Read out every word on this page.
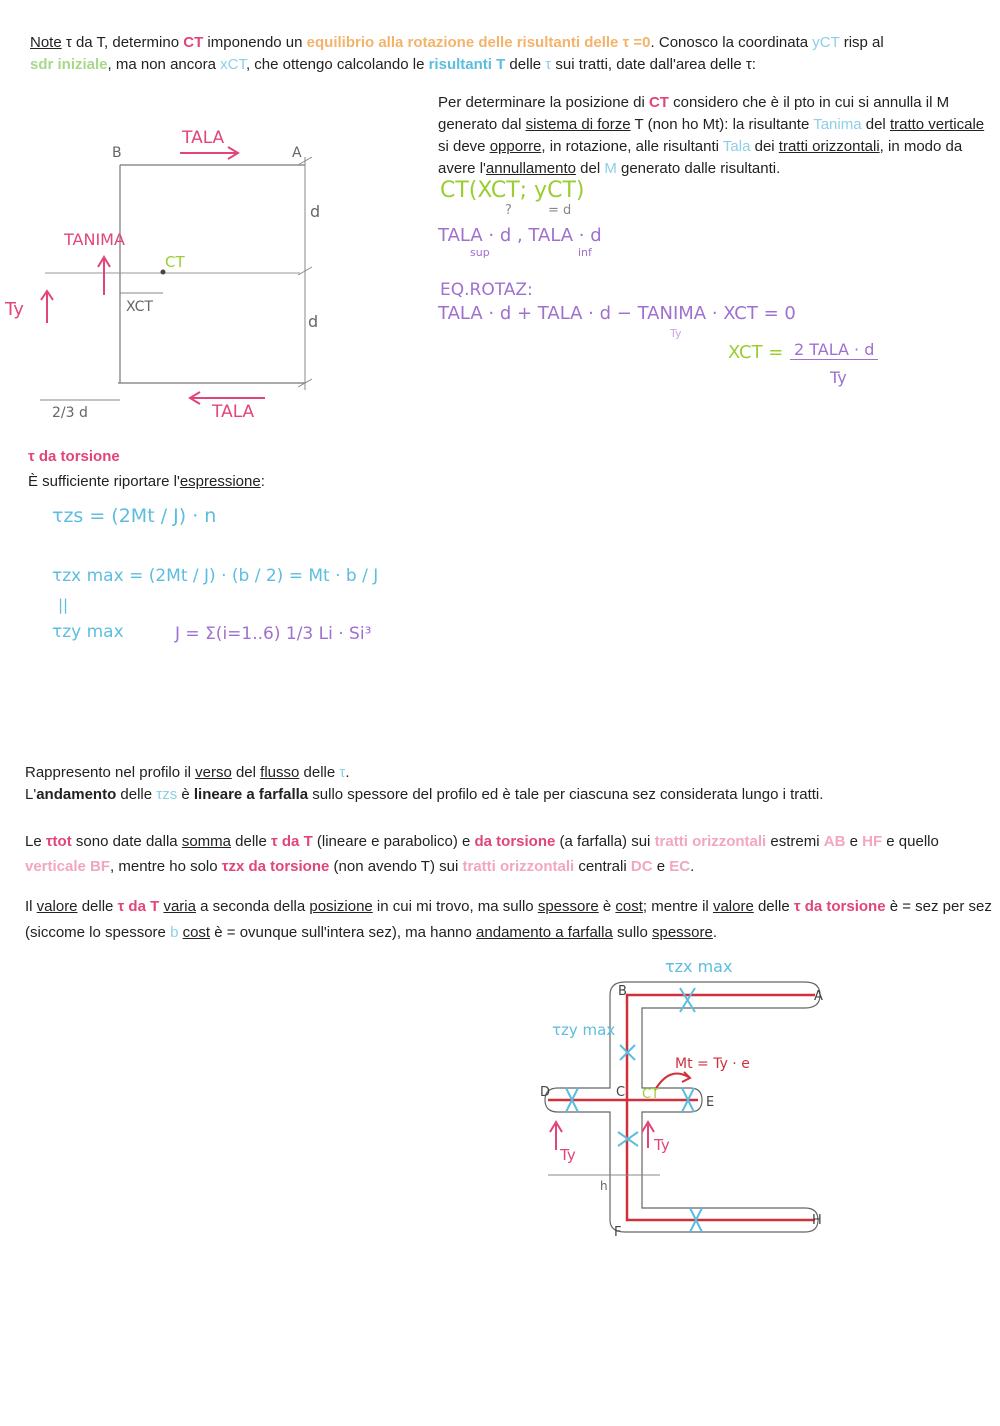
Note τ da T, determino CT imponendo un equilibrio alla rotazione delle risultanti delle τ =0. Conosco la coordinata yCT risp al
sdr iniziale, ma non ancora xCT, che ottengo calcolando le risultanti T delle τ sui tratti, date dall'area delle τ:
Per determinare la posizione di CT considero che è il pto in cui si annulla il M generato dal sistema di forze T (non ho Mt): la risultante Tanima del tratto verticale si deve opporre, in rotazione, alle risultanti Tala dei tratti orizzontali, in modo da avere l'annullamento del M generato dalle risultanti.
TALA
TALA
B	A
d
d
TANIMA
CT
Ty	XCT
2/3 d
CT(XCT; yCT)
?	= d
TALA · d , TALA · d
sup	inf
EQ.ROTAZ:
TALA · d + TALA · d − TANIMA · XCT = 0
Ty
XCT = 2 TALA · d
Ty
τ da torsione
È sufficiente riportare l'espressione:
τzs = (2Mt / J) · n
τzx max = (2Mt / J) · (b / 2) = Mt · b / J
||
τzy max	J = Σ(i=1..6) 1/3 Li · Si³
Rappresento nel profilo il verso del flusso delle τ.
L'andamento delle τzs è lineare a farfalla sullo spessore del profilo ed è tale per ciascuna sez considerata lungo i tratti.
Le τtot sono date dalla somma delle τ da T (lineare e parabolico) e da torsione (a farfalla) sui tratti orizzontali estremi AB e HF e quello verticale BF, mentre ho solo τzx da torsione (non avendo T) sui tratti orizzontali centrali DC e EC.
Il valore delle τ da T varia a seconda della posizione in cui mi trovo, ma sullo spessore è cost; mentre il valore delle τ da torsione è = sez per sez (siccome lo spessore b cost è = ovunque sull'intera sez), ma hanno andamento a farfalla sullo spessore.
τzx max
τzy max
B	A
D	C
E
F
H
CT
Mt = Ty · e
Ty
Ty
h
